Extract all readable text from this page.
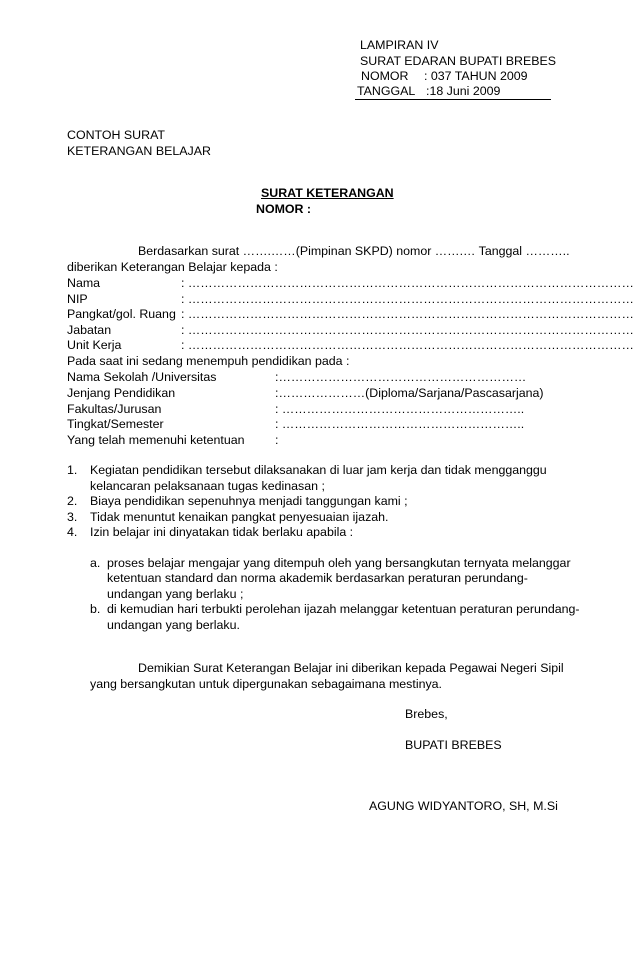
LAMPIRAN IV
SURAT EDARAN BUPATI BREBES
NOMOR : 037 TAHUN 2009
TANGGAL :18 Juni 2009
CONTOH SURAT
KETERANGAN BELAJAR
SURAT KETERANGAN
NOMOR :
Berdasarkan surat …….……(Pimpinan SKPD) nomor …….… Tanggal ………..
diberikan Keterangan Belajar kepada :
Nama	: ………………………………………………………………………………………………
NIP	: ………………………………………………………………………………………………
Pangkat/gol. Ruang : ………………………………………………………………………………………………
Jabatan	: ………………………………………………………………………………………………
Unit Kerja	: ………………………………………………………………………………………………
Pada saat ini sedang menempuh pendidikan pada :
Nama Sekolah /Universitas	:……………………………………………………
Jenjang Pendidikan	:…………………(Diploma/Sarjana/Pascasarjana)
Fakultas/Jurusan	: …………………………………………………..
Tingkat/Semester	: …………………………………………………..
Yang telah memenuhi ketentuan :
1. Kegiatan pendidikan tersebut dilaksanakan di luar jam kerja dan tidak mengganggu
kelancaran pelaksanaan tugas kedinasan ;
2. Biaya pendidikan sepenuhnya menjadi tanggungan kami ;
3. Tidak menuntut kenaikan pangkat penyesuaian ijazah.
4. Izin belajar ini dinyatakan tidak berlaku apabila :
a. proses belajar mengajar yang ditempuh oleh yang bersangkutan ternyata melanggar
ketentuan standard dan norma akademik berdasarkan peraturan perundang-
undangan yang berlaku ;
b. di kemudian hari terbukti perolehan ijazah melanggar ketentuan peraturan perundang-
undangan yang berlaku.
Demikian Surat Keterangan Belajar ini diberikan kepada Pegawai Negeri Sipil
yang bersangkutan untuk dipergunakan sebagaimana mestinya.
Brebes,
BUPATI BREBES
AGUNG WIDYANTORO, SH, M.Si
